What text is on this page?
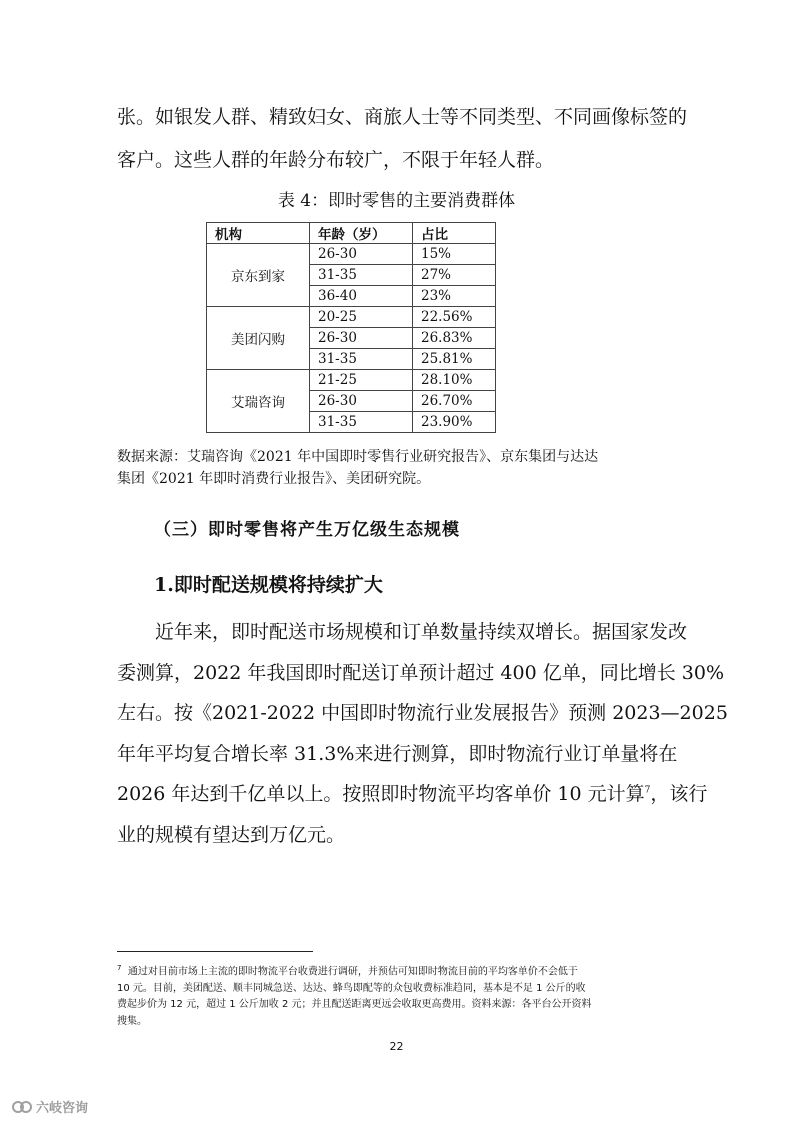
张。如银发人群、精致妇女、商旅人士等不同类型、不同画像标签的
客户。这些人群的年龄分布较广，不限于年轻人群。

表 4：即时零售的主要消费群体

机构	年龄（岁）	占比
京东到家	26-30	15%
	31-35	27%
	36-40	23%
美团闪购	20-25	22.56%
	26-30	26.83%
	31-35	25.81%
艾瑞咨询	21-25	28.10%
	26-30	26.70%
	31-35	23.90%

数据来源：艾瑞咨询《2021 年中国即时零售行业研究报告》、京东集团与达达
集团《2021 年即时消费行业报告》、美团研究院。

（三）即时零售将产生万亿级生态规模

1.即时配送规模将持续扩大

近年来，即时配送市场规模和订单数量持续双增长。据国家发改
委测算，2022 年我国即时配送订单预计超过 400 亿单，同比增长 30%
左右。按《2021-2022 中国即时物流行业发展报告》预测 2023—2025
年年平均复合增长率 31.3%来进行测算，即时物流行业订单量将在
2026 年达到千亿单以上。按照即时物流平均客单价 10 元计算$^7$，该行
业的规模有望达到万亿元。

$^7$ 通过对目前市场上主流的即时物流平台收费进行调研，并预估可知即时物流目前的平均客单价不会低于
10 元。目前，美团配送、顺丰同城急送、达达、蜂鸟即配等的众包收费标准趋同，基本是不足 1 公斤的收
费起步价为 12 元，超过 1 公斤加收 2 元；并且配送距离更远会收取更高费用。资料来源：各平台公开资料
搜集。

22
六岐咨询
